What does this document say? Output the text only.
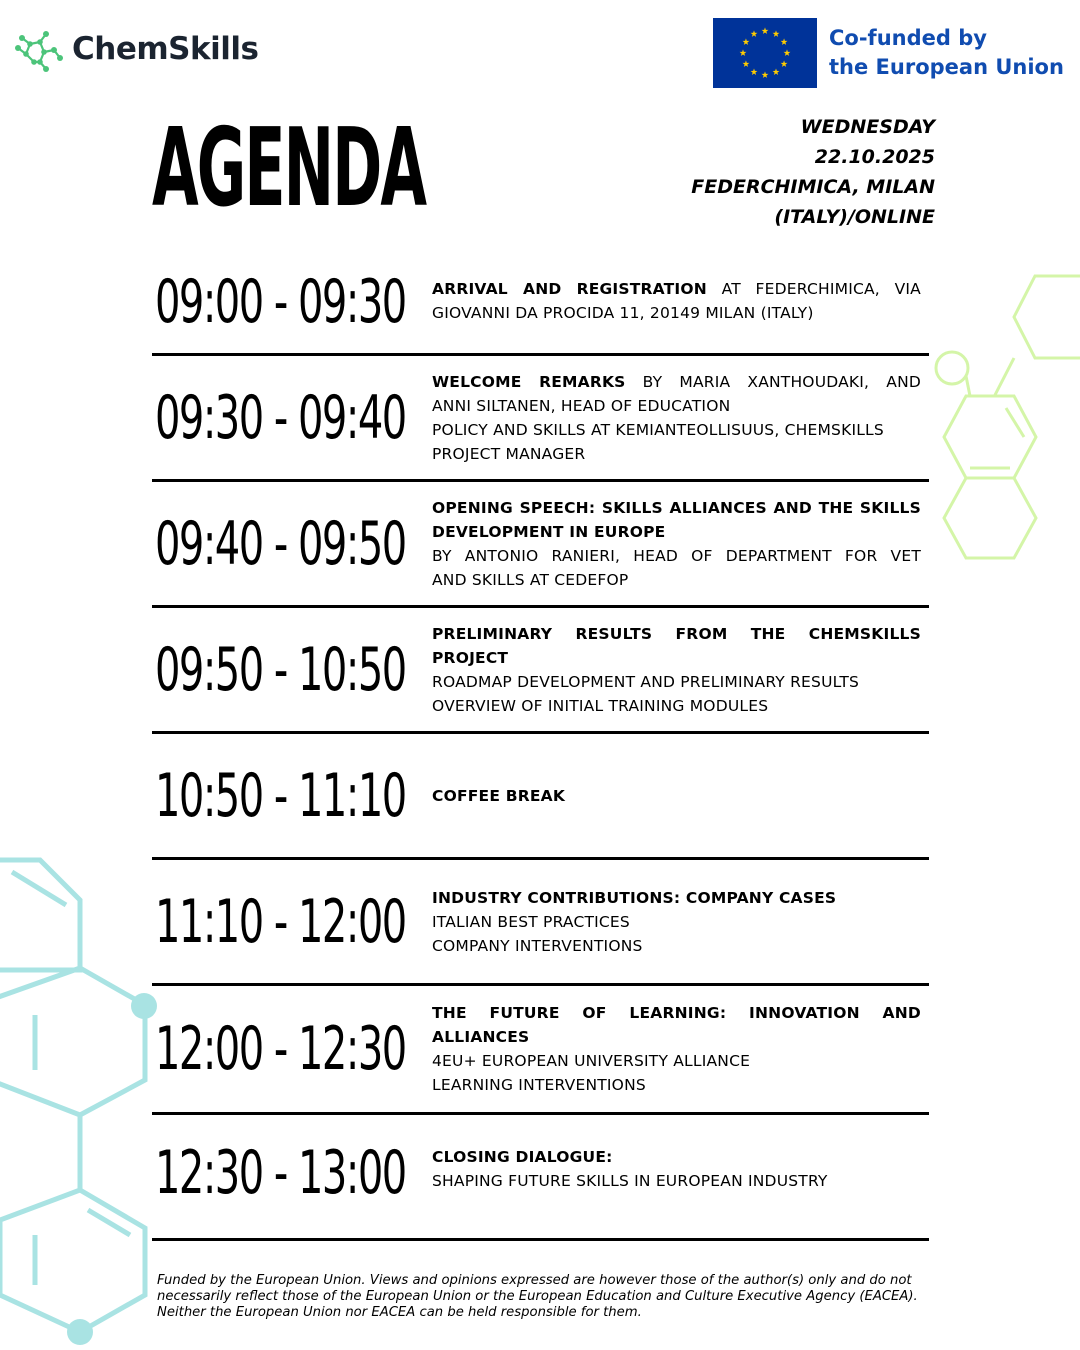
ChemSkills	Co-funded by
the European Union
AGENDA	WEDNESDAY
22.10.2025
FEDERCHIMICA, MILAN
(ITALY)/ONLINE
09:00 - 09:30 ARRIVAL AND REGISTRATION AT FEDERCHIMICA, VIA
GIOVANNI DA PROCIDA 11, 20149 MILAN (ITALY)
09:30 - 09:40
WELCOME REMARKS BY MARIA XANTHOUDAKI, AND
ANNI SILTANEN, HEAD OF EDUCATION
POLICY AND SKILLS AT KEMIANTEOLLISUUS, CHEMSKILLS
PROJECT MANAGER
09:40 - 09:50
OPENING SPEECH: SKILLS ALLIANCES AND THE SKILLS
DEVELOPMENT IN EUROPE
BY ANTONIO RANIERI, HEAD OF DEPARTMENT FOR VET
AND SKILLS AT CEDEFOP
09:50 - 10:50
PRELIMINARY RESULTS FROM THE CHEMSKILLS
PROJECT
ROADMAP DEVELOPMENT AND PRELIMINARY RESULTS
OVERVIEW OF INITIAL TRAINING MODULES
10:50 - 11:10 COFFEE BREAK
11:10 - 12:00 INDUSTRY CONTRIBUTIONS: COMPANY CASES
ITALIAN BEST PRACTICES
COMPANY INTERVENTIONS
12:00 - 12:30
THE FUTURE OF LEARNING: INNOVATION AND
ALLIANCES
4EU+ EUROPEAN UNIVERSITY ALLIANCE
LEARNING INTERVENTIONS
12:30 - 13:00 CLOSING DIALOGUE:
SHAPING FUTURE SKILLS IN EUROPEAN INDUSTRY
Funded by the European Union. Views and opinions expressed are however those of the author(s) only and do not necessarily reflect those of the European Union or the European Education and Culture Executive Agency (EACEA). Neither the European Union nor EACEA can be held responsible for them.
